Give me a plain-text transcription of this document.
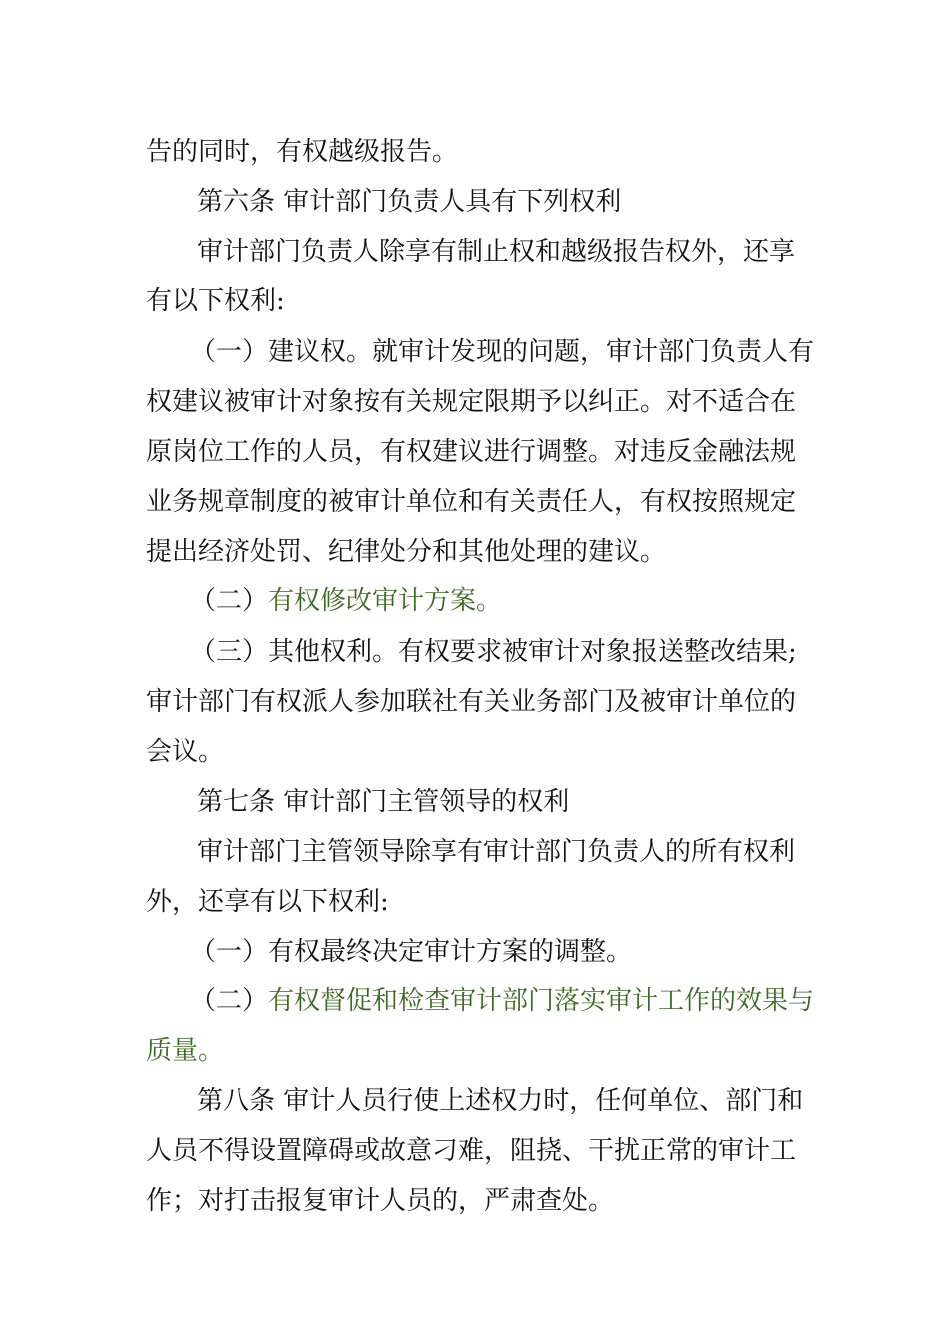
告的同时，有权越级报告。
第六条 审计部门负责人具有下列权利
审计部门负责人除享有制止权和越级报告权外，还享
有以下权利:
（一）建议权。就审计发现的问题，审计部门负责人有
权建议被审计对象按有关规定限期予以纠正。对不适合在
原岗位工作的人员，有权建议进行调整。对违反金融法规
业务规章制度的被审计单位和有关责任人，有权按照规定
提出经济处罚、纪律处分和其他处理的建议。
（二）有权修改审计方案。
（三）其他权利。有权要求被审计对象报送整改结果;
审计部门有权派人参加联社有关业务部门及被审计单位的
会议。
第七条 审计部门主管领导的权利
审计部门主管领导除享有审计部门负责人的所有权利
外，还享有以下权利:
（一）有权最终决定审计方案的调整。
（二）有权督促和检查审计部门落实审计工作的效果与
质量。
第八条 审计人员行使上述权力时，任何单位、部门和
人员不得设置障碍或故意刁难，阻挠、干扰正常的审计工
作；对打击报复审计人员的，严肃查处。
